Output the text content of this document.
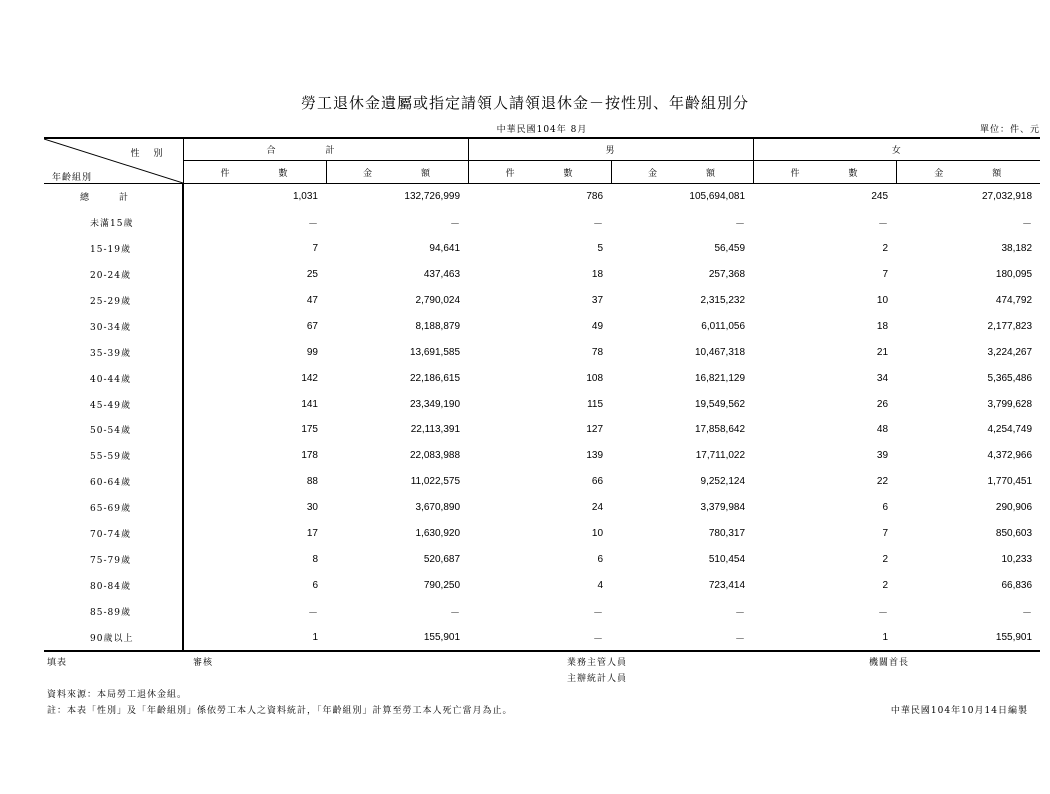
勞工退休金遺屬或指定請領人請領退休金－按性別、年齡組別分
中華民國104年 8月	單位：件、元
性別
年齡組別	合計		男		女	
	件 數	金 額	件 數	金 額	件 數	金 額
總計	1,031	132,726,999	786	105,694,081	245	27,032,918
未滿15歲	－	－	－	－	－	－
15-19歲	7	94,641	5	56,459	2	38,182
20-24歲	25	437,463	18	257,368	7	180,095
25-29歲	47	2,790,024	37	2,315,232	10	474,792
30-34歲	67	8,188,879	49	6,011,056	18	2,177,823
35-39歲	99	13,691,585	78	10,467,318	21	3,224,267
40-44歲	142	22,186,615	108	16,821,129	34	5,365,486
45-49歲	141	23,349,190	115	19,549,562	26	3,799,628
50-54歲	175	22,113,391	127	17,858,642	48	4,254,749
55-59歲	178	22,083,988	139	17,711,022	39	4,372,966
60-64歲	88	11,022,575	66	9,252,124	22	1,770,451
65-69歲	30	3,670,890	24	3,379,984	6	290,906
70-74歲	17	1,630,920	10	780,317	7	850,603
75-79歲	8	520,687	6	510,454	2	10,233
80-84歲	6	790,250	4	723,414	2	66,836
85-89歲	－	－	－	－	－	－
90歲以上	1	155,901	－	－	1	155,901
填表	審核	業務主管人員
主辦統計人員
機關首長
資料來源：本局勞工退休金組。
註：本表「性別」及「年齡組別」係依勞工本人之資料統計，「年齡組別」計算至勞工本人死亡當月為止。	中華民國104年10月14日編製
